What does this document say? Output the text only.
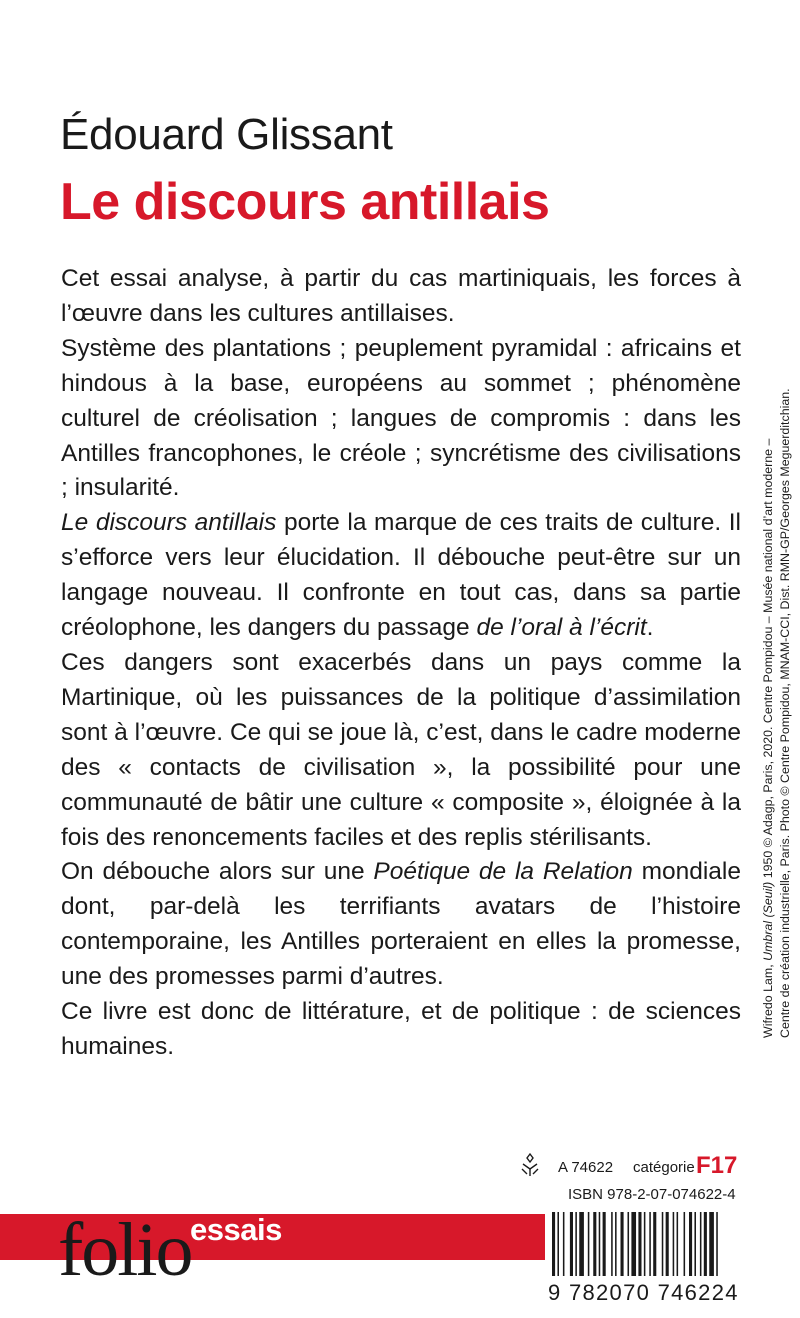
Édouard Glissant
Le discours antillais

Cet essai analyse, à partir du cas martiniquais, les forces à l’œuvre dans les cultures antillaises.

Système des plantations ; peuplement pyramidal : africains et hindous à la base, européens au sommet ; phénomène culturel de créolisation ; langues de compromis : dans les Antilles francophones, le créole ; syncrétisme des civilisations ; insularité.

Le discours antillais porte la marque de ces traits de culture. Il s’efforce vers leur élucidation. Il débouche peut-être sur un langage nouveau. Il confronte en tout cas, dans sa partie créolophone, les dangers du passage de l’oral à l’écrit.

Ces dangers sont exacerbés dans un pays comme la Martinique, où les puissances de la politique d’assimilation sont à l’œuvre. Ce qui se joue là, c’est, dans le cadre moderne des « contacts de civilisation », la possibilité pour une communauté de bâtir une culture « composite », éloignée à la fois des renoncements faciles et des replis stérilisants.

On débouche alors sur une Poétique de la Relation mondiale dont, par-delà les terrifiants avatars de l’histoire contemporaine, les Antilles porteraient en elles la promesse, une des promesses parmi d’autres.

Ce livre est donc de littérature, et de politique : de sciences humaines.

Wifredo Lam, Umbral (Seuil) 1950 © Adagp, Paris, 2020. Centre Pompidou – Musée national d’art moderne – Centre de création industrielle, Paris. Photo © Centre Pompidou, MNAM-CCI, Dist. RMN-GP/Georges Meguerditchian.
A 74622 catégorie F17
ISBN 978-2-07-074622-4
folio
essais
9 782070 746224
